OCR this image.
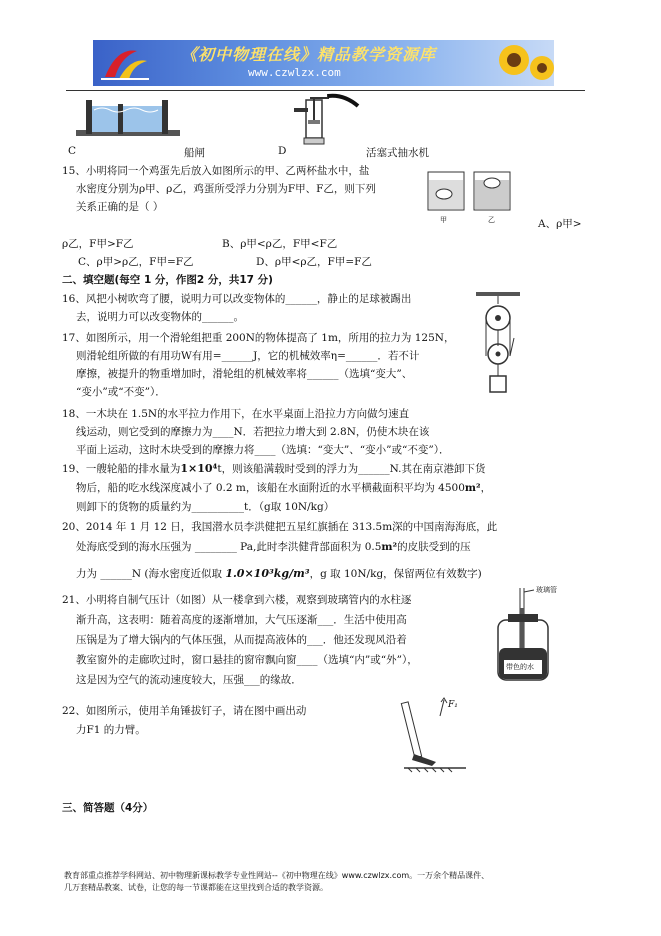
《初中物理在线》精品教学资源库
www.czwlzx.com
C	船闸	D	活塞式抽水机
15、小明将同一个鸡蛋先后放入如图所示的甲、乙两杯盐水中，盐
水密度分别为ρ甲、ρ乙，鸡蛋所受浮力分别为F甲、F乙，则下列
关系正确的是（ ）
甲	乙	A、ρ甲>
ρ乙，F甲>F乙	B、ρ甲<ρ乙，F甲<F乙
C、ρ甲>ρ乙，F甲=F乙	D、ρ甲<ρ乙，F甲=F乙
二、填空题(每空 1 分，作图2 分，共17 分)
16、风把小树吹弯了腰，说明力可以改变物体的______，静止的足球被踢出
去，说明力可以改变物体的______。
17、如图所示，用一个滑轮组把重 200N的物体提高了 1m，所用的拉力为 125N，
则滑轮组所做的有用功W有用=______J，它的机械效率η=______．若不计
摩擦，被提升的物重增加时，滑轮组的机械效率将______（选填“变大”、
“变小”或“不变”）．
18、一木块在 1.5N的水平拉力作用下，在水平桌面上沿拉力方向做匀速直
线运动，则它受到的摩擦力为____N．若把拉力增大到 2.8N，仍使木块在该
平面上运动，这时木块受到的摩擦力将____（选填：“变大”、“变小”或“不变”）．
19、一艘轮船的排水量为1×10⁴t，则该船满载时受到的浮力为______N.其在南京港卸下货
物后，船的吃水线深度减小了 0.2 m，该船在水面附近的水平横截面积平均为 4500m²，
则卸下的货物的质量约为__________t．（g取 10N/kg）
20、2014 年 1 月 12 日，我国潜水员李洪健把五星红旗插在 313.5m深的中国南海海底，此
处海底受到的海水压强为 ________ Pa,此时李洪健背部面积为 0.5m²的皮肤受到的压
力为 ______N (海水密度近似取 1.0×10³kg/m³，g 取 10N/kg，保留两位有效数字)
玻璃管
带色的水
21、小明将自制气压计（如图）从一楼拿到六楼，观察到玻璃管内的水柱逐
渐升高，这表明：随着高度的逐渐增加，大气压逐渐___．生活中使用高
压锅是为了增大锅内的气体压强，从而提高液体的___．他还发现风沿着
教室窗外的走廊吹过时，窗口悬挂的窗帘飘向窗____（选填“内”或“外”），
这是因为空气的流动速度较大，压强___的缘故．
22、如图所示，使用羊角锤拔钉子，请在图中画出动
力F1 的力臂。
F₁
三、简答题（4分）
教育部重点推荐学科网站、初中物理新课标教学专业性网站--《初中物理在线》www.czwlzx.com。一万余个精品课件、
几万套精品教案、试卷，让您的每一节课都能在这里找到合适的教学资源。
